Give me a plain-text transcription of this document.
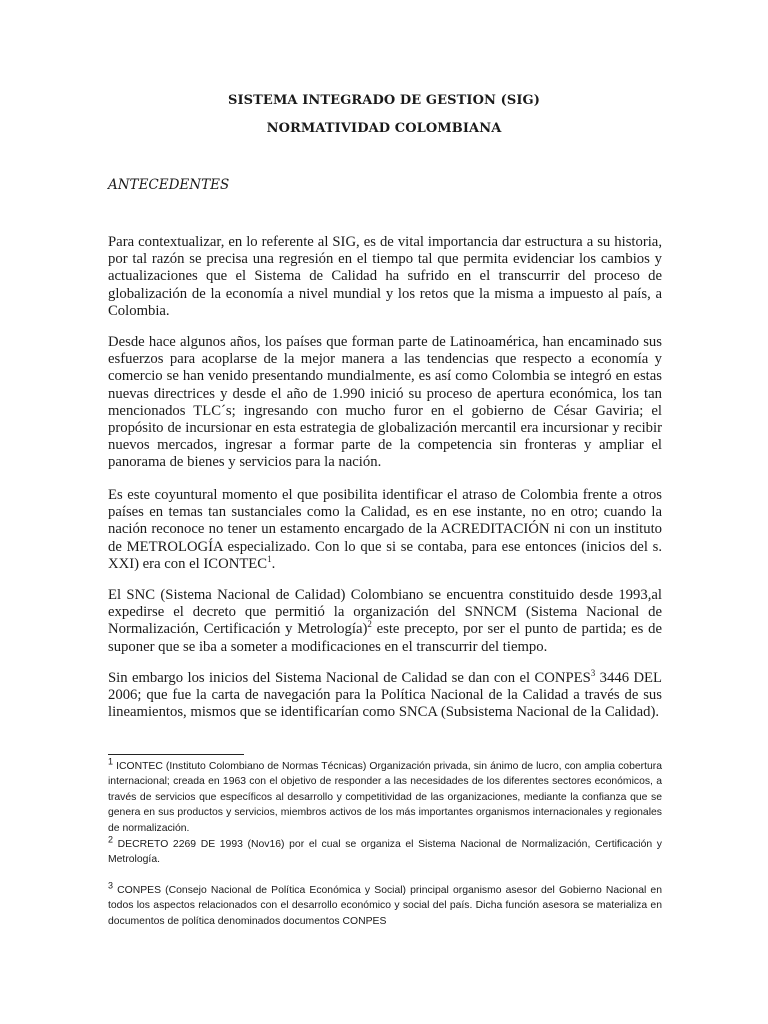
SISTEMA INTEGRADO DE GESTION (SIG)
NORMATIVIDAD COLOMBIANA
ANTECEDENTES

Para contextualizar, en lo referente al SIG, es de vital importancia dar estructura a su historia, por tal razón se precisa una regresión en el tiempo tal que permita evidenciar los cambios y actualizaciones que el Sistema de Calidad ha sufrido en el transcurrir del proceso de globalización de la economía a nivel mundial y los retos que la misma a impuesto al país, a Colombia.

Desde hace algunos años, los países que forman parte de Latinoamérica, han encaminado sus esfuerzos para acoplarse de la mejor manera a las tendencias que respecto a economía y comercio se han venido presentando mundialmente, es así como Colombia se integró en estas nuevas directrices y desde el año de 1.990 inició su proceso de apertura económica, los tan mencionados TLC´s; ingresando con mucho furor en el gobierno de César Gaviria; el propósito de incursionar en esta estrategia de globalización mercantil era incursionar y recibir nuevos mercados, ingresar a formar parte de la competencia sin fronteras y ampliar el panorama de bienes y servicios para la nación.

Es este coyuntural momento el que posibilita identificar el atraso de Colombia frente a otros países en temas tan sustanciales como la Calidad, es en ese instante, no en otro; cuando la nación reconoce no tener un estamento encargado de la ACREDITACIÓN ni con un instituto de METROLOGÍA especializado. Con lo que si se contaba, para ese entonces (inicios del s. XXI) era con el ICONTEC$^1$.

El SNC (Sistema Nacional de Calidad) Colombiano se encuentra constituido desde 1993,al expedirse el decreto que permitió la organización del SNNCM (Sistema Nacional de Normalización, Certificación y Metrología)$^2$ este precepto, por ser el punto de partida; es de suponer que se iba a someter a modificaciones en el transcurrir del tiempo.

Sin embargo los inicios del Sistema Nacional de Calidad se dan con el CONPES$^3$ 3446 DEL 2006; que fue la carta de navegación para la Política Nacional de la Calidad a través de sus lineamientos, mismos que se identificarían como SNCA (Subsistema Nacional de la Calidad).

$^1$ ICONTEC (Instituto Colombiano de Normas Técnicas) Organización privada, sin ánimo de lucro, con amplia cobertura internacional; creada en 1963 con el objetivo de responder a las necesidades de los diferentes sectores económicos, a través de servicios que específicos al desarrollo y competitividad de las organizaciones, mediante la confianza que se genera en sus productos y servicios, miembros activos de los más importantes organismos internacionales y regionales de normalización.

$^2$ DECRETO 2269 DE 1993 (Nov16) por el cual se organiza el Sistema Nacional de Normalización, Certificación y Metrología.

$^3$ CONPES (Consejo Nacional de Política Económica y Social) principal organismo asesor del Gobierno Nacional en todos los aspectos relacionados con el desarrollo económico y social del país. Dicha función asesora se materializa en documentos de política denominados documentos CONPES
